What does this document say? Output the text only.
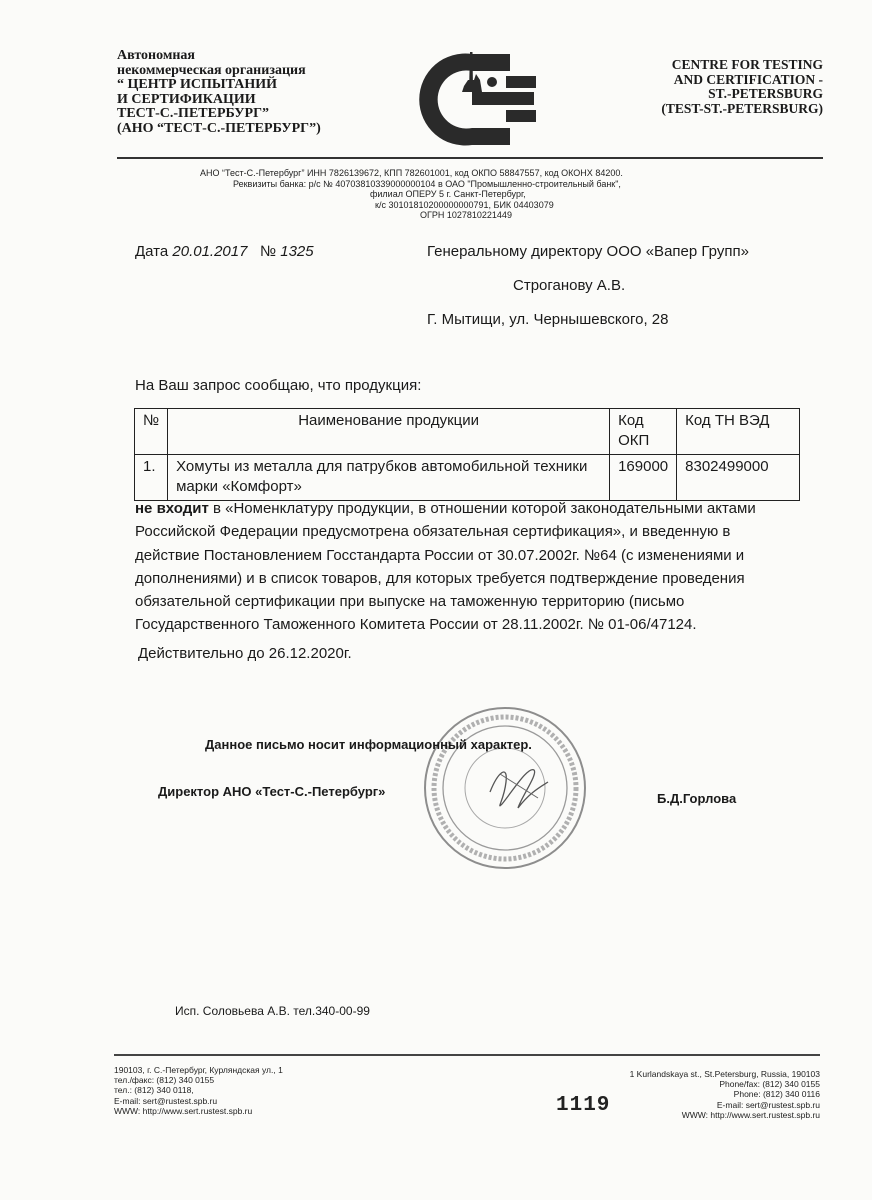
Автономная
некоммерческая организация
“ ЦЕНТР ИСПЫТАНИЙ
И СЕРТИФИКАЦИИ
ТЕСТ-С.-ПЕТЕРБУРГ”
(АНО “ТЕСТ-С.-ПЕТЕРБУРГ”)
CENTRE FOR TESTING
AND CERTIFICATION -
ST.-PETERSBURG
(TEST-ST.-PETERSBURG)
АНО “Тест-С.-Петербург” ИНН 7826139672, КПП 782601001, код ОКПО 58847557, код ОКОНХ 84200.
Реквизиты банка: р/с № 40703810339000000104 в ОАО "Промышленно-строительный банк",
филиал ОПЕРУ 5 г. Санкт-Петербург,
к/с 30101810200000000791, БИК 04403079
ОГРН 1027810221449
Дата 20.01.2017 № 1325	Генеральному директору ООО «Вапер Групп»
Строганову А.В.
Г. Мытищи, ул. Чернышевского, 28
На Ваш запрос сообщаю, что продукция:
№	Наименование продукции	Код ОКП	Код ТН ВЭД
1.	Хомуты из металла для патрубков автомобильной техники марки «Комфорт»	169000	8302499000
не входит в «Номенклатуру продукции, в отношении которой законодательными актами Российской Федерации предусмотрена обязательная сертификация», и введенную в действие Постановлением Госстандарта России от 30.07.2002г. №64 (с изменениями и дополнениями) и в список товаров, для которых требуется подтверждение проведения обязательной сертификации при выпуске на таможенную территорию (письмо Государственного Таможенного Комитета России от 28.11.2002г. № 01-06/47124.
Действительно до 26.12.2020г.
Данное письмо носит информационный характер.
Директор АНО «Тест-С.-Петербург»	Б.Д.Горлова
Исп. Соловьева А.В. тел.340-00-99
190103, г. С.-Петербург, Курляндская ул., 1
тел./факс: (812) 340 0155
тел.: (812) 340 0118,
E-mail: sert@rustest.spb.ru
WWW: http://www.sert.rustest.spb.ru	1119
1 Kurlandskaya st., St.Petersburg, Russia, 190103
Phone/fax: (812) 340 0155
Phone: (812) 340 0116
E-mail: sert@rustest.spb.ru
WWW: http://www.sert.rustest.spb.ru
